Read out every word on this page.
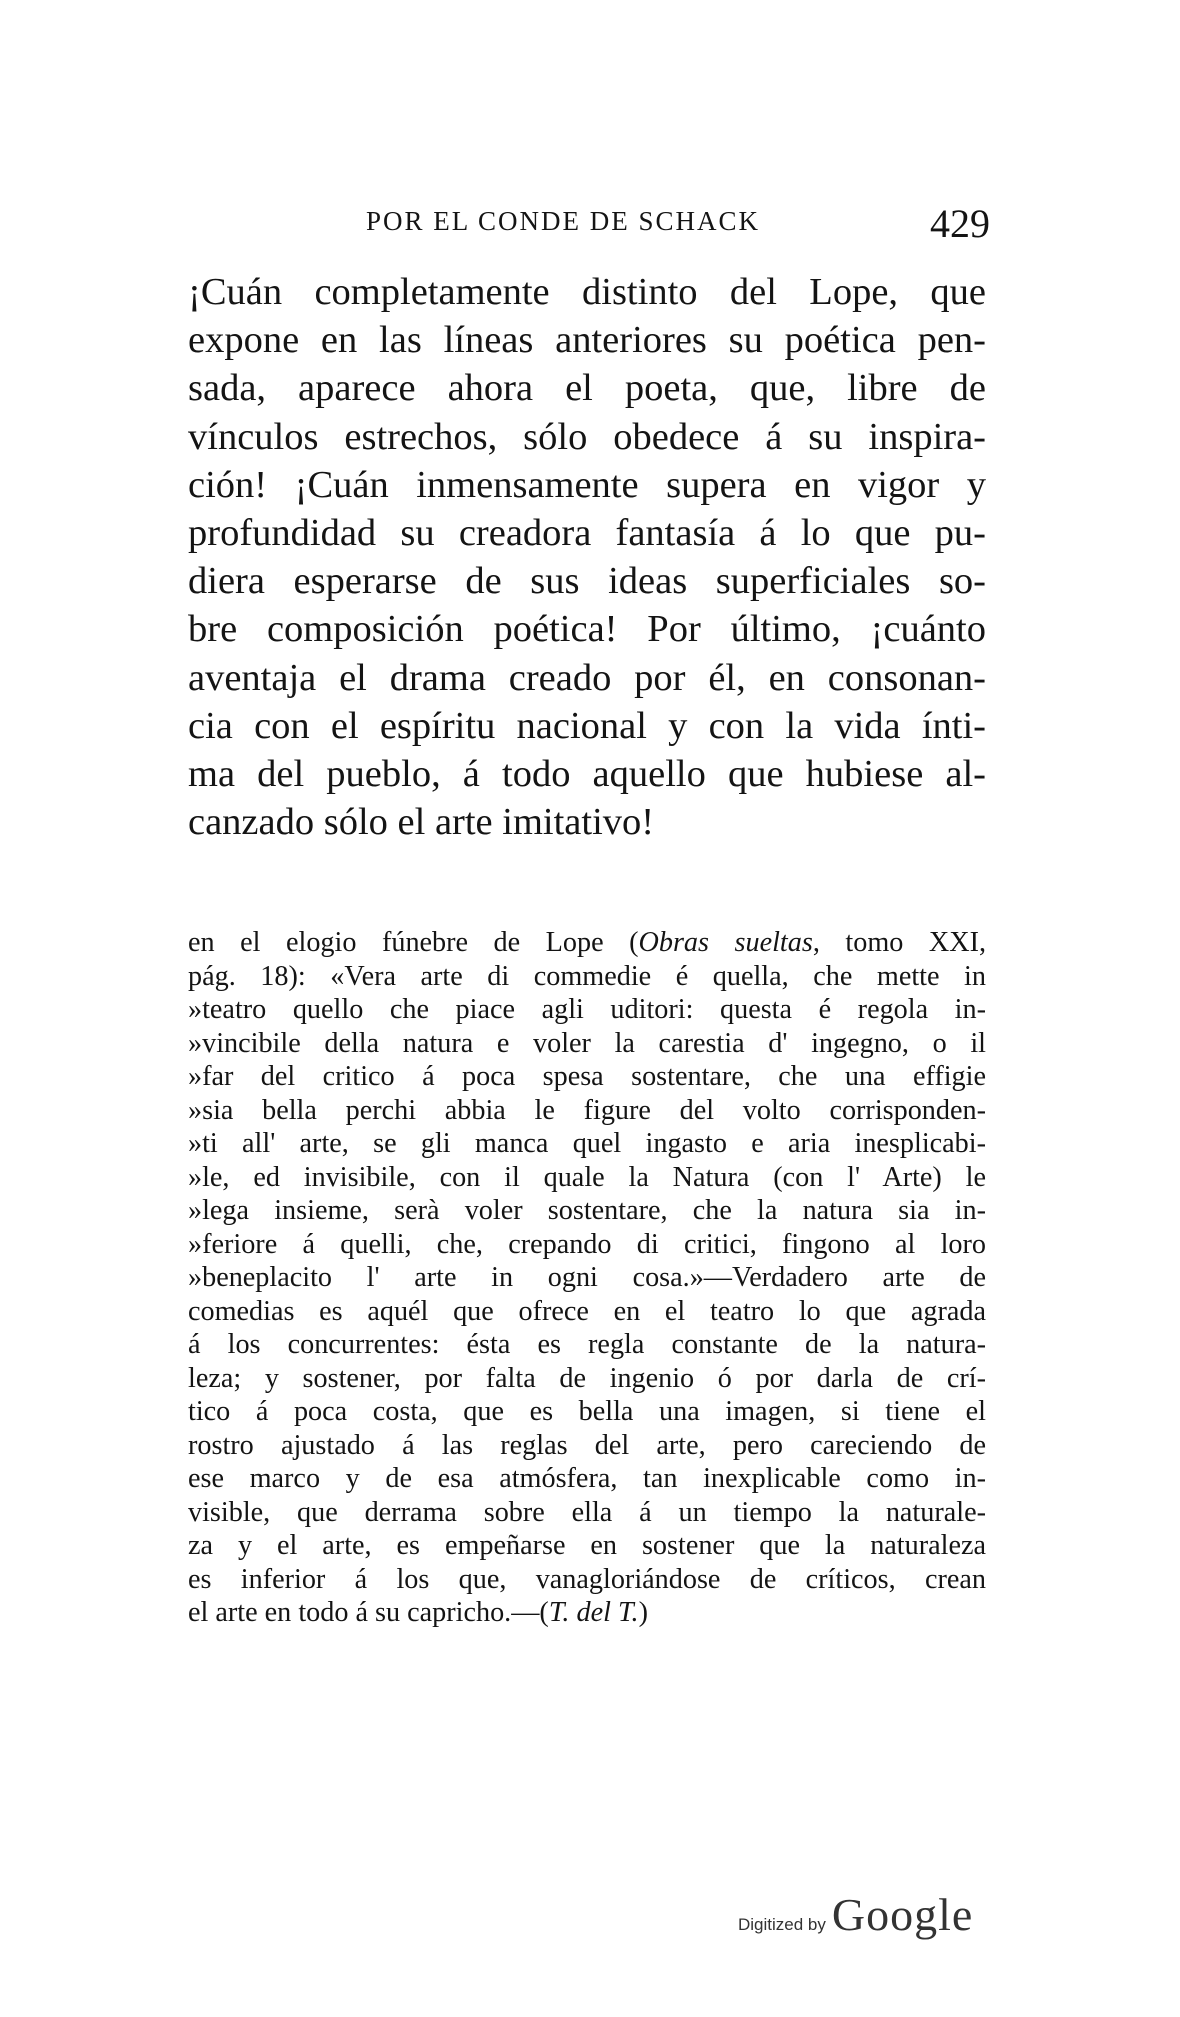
POR EL CONDE DE SCHACK	429
¡Cuán completamente distinto del Lope, que
expone en las líneas anteriores su poética pen-
sada, aparece ahora el poeta, que, libre de
vínculos estrechos, sólo obedece á su inspira-
ción! ¡Cuán inmensamente supera en vigor y
profundidad su creadora fantasía á lo que pu-
diera esperarse de sus ideas superficiales so-
bre composición poética! Por último, ¡cuánto
aventaja el drama creado por él, en consonan-
cia con el espíritu nacional y con la vida ínti-
ma del pueblo, á todo aquello que hubiese al-
canzado sólo el arte imitativo!
en el elogio fúnebre de Lope (Obras sueltas, tomo XXI,
pág. 18): «Vera arte di commedie é quella, che mette in
»teatro quello che piace agli uditori: questa é regola in-
»vincibile della natura e voler la carestia d' ingegno, o il
»far del critico á poca spesa sostentare, che una effigie
»sia bella perchi abbia le figure del volto corrisponden-
»ti all' arte, se gli manca quel ingasto e aria inesplicabi-
»le, ed invisibile, con il quale la Natura (con l' Arte) le
»lega insieme, serà voler sostentare, che la natura sia in-
»feriore á quelli, che, crepando di critici, fingono al loro
»beneplacito l' arte in ogni cosa.»—Verdadero arte de
comedias es aquél que ofrece en el teatro lo que agrada
á los concurrentes: ésta es regla constante de la natura-
leza; y sostener, por falta de ingenio ó por darla de crí-
tico á poca costa, que es bella una imagen, si tiene el
rostro ajustado á las reglas del arte, pero careciendo de
ese marco y de esa atmósfera, tan inexplicable como in-
visible, que derrama sobre ella á un tiempo la naturale-
za y el arte, es empeñarse en sostener que la naturaleza
es inferior á los que, vanagloriándose de críticos, crean
el arte en todo á su capricho.—(T. del T.)
Digitized by Google
